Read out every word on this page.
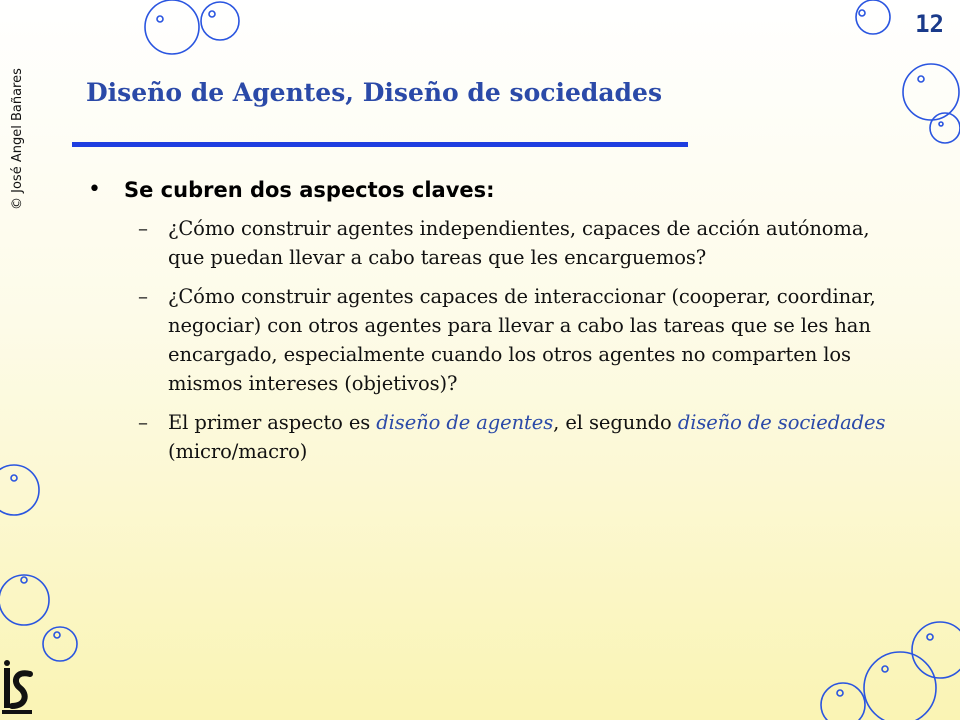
© José Angel Bañares
12
Diseño de Agentes, Diseño de sociedades
•	Se cubren dos aspectos claves:
–	¿Cómo construir agentes independientes, capaces de acción autónoma, que puedan llevar a cabo tareas que les encarguemos?
–	¿Cómo construir agentes capaces de interaccionar (cooperar, coordinar, negociar) con otros agentes para llevar a cabo las tareas que se les han encargado, especialmente cuando los otros agentes no comparten los mismos intereses (objetivos)?
–	El primer aspecto es diseño de agentes, el segundo diseño de sociedades (micro/macro)
